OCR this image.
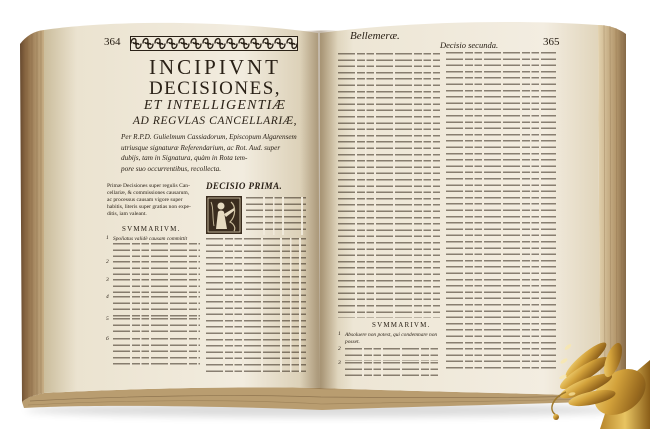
364
INCIPIVNT
DECISIONES,
ET INTELLIGENTIÆ
AD REGVLAS CANCELLARIÆ,
Per R.P.D. Gulielmum Cassiadorum, Episcopum Algarensem
utriusque signaturæ Referendarium, ac Rot. Aud. super
dubijs, tam in Signatura, quàm in Rota tem-
pore suo occurrentibus, recollecta.
Primæ Decisiones super regulis Can-
cellariæ, & commissiones causarum,
ac processus causam vigore super
habitis, literis super gratias non expe-
ditis, iam valeant.
SVMMARIVM.
1 Spoliatus validè causam committit
2
3
4
5
6
DECISIO PRIMA.
Bellemeræ.
Decisio secunda.	365
SVMMARIVM.
1 Absoluere non potest, qui condemnare non posset.
2
3
